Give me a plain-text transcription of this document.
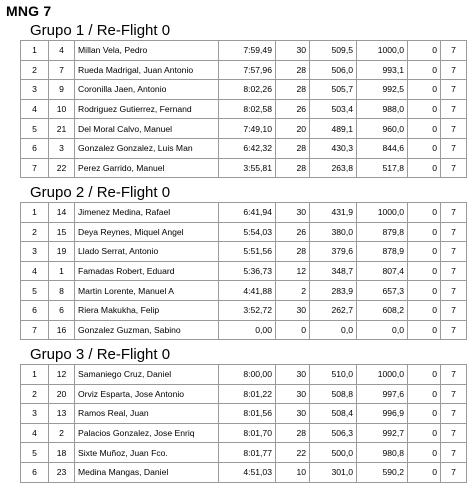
MNG 7
Grupo 1 / Re-Flight 0
1	4	Millan Vela, Pedro	7:59,49	30	509,5	1000,0	0	7
2	7	Rueda Madrigal, Juan Antonio	7:57,96	28	506,0	993,1	0	7
3	9	Coronilla Jaen, Antonio	8:02,26	28	505,7	992,5	0	7
4	10	Rodriguez Gutierrez, Fernand	8:02,58	26	503,4	988,0	0	7
5	21	Del Moral Calvo, Manuel	7:49,10	20	489,1	960,0	0	7
6	3	Gonzalez Gonzalez, Luis Man	6:42,32	28	430,3	844,6	0	7
7	22	Perez Garrido, Manuel	3:55,81	28	263,8	517,8	0	7
Grupo 2 / Re-Flight 0
1	14	Jimenez Medina, Rafael	6:41,94	30	431,9	1000,0	0	7
2	15	Deya Reynes, Miquel Angel	5:54,03	26	380,0	879,8	0	7
3	19	Llado Serrat, Antonio	5:51,56	28	379,6	878,9	0	7
4	1	Famadas Robert, Eduard	5:36,73	12	348,7	807,4	0	7
5	8	Martin Lorente, Manuel A	4:41,88	2	283,9	657,3	0	7
6	6	Riera Makukha, Felip	3:52,72	30	262,7	608,2	0	7
7	16	Gonzalez Guzman, Sabino	0,00	0	0,0	0,0	0	7
Grupo 3 / Re-Flight 0
1	12	Samaniego Cruz, Daniel	8:00,00	30	510,0	1000,0	0	7
2	20	Orviz Esparta, Jose Antonio	8:01,22	30	508,8	997,6	0	7
3	13	Ramos Real, Juan	8:01,56	30	508,4	996,9	0	7
4	2	Palacios Gonzalez, Jose Enriq	8:01,70	28	506,3	992,7	0	7
5	18	Sixte Muñoz, Juan Fco.	8:01,77	22	500,0	980,8	0	7
6	23	Medina Mangas, Daniel	4:51,03	10	301,0	590,2	0	7
